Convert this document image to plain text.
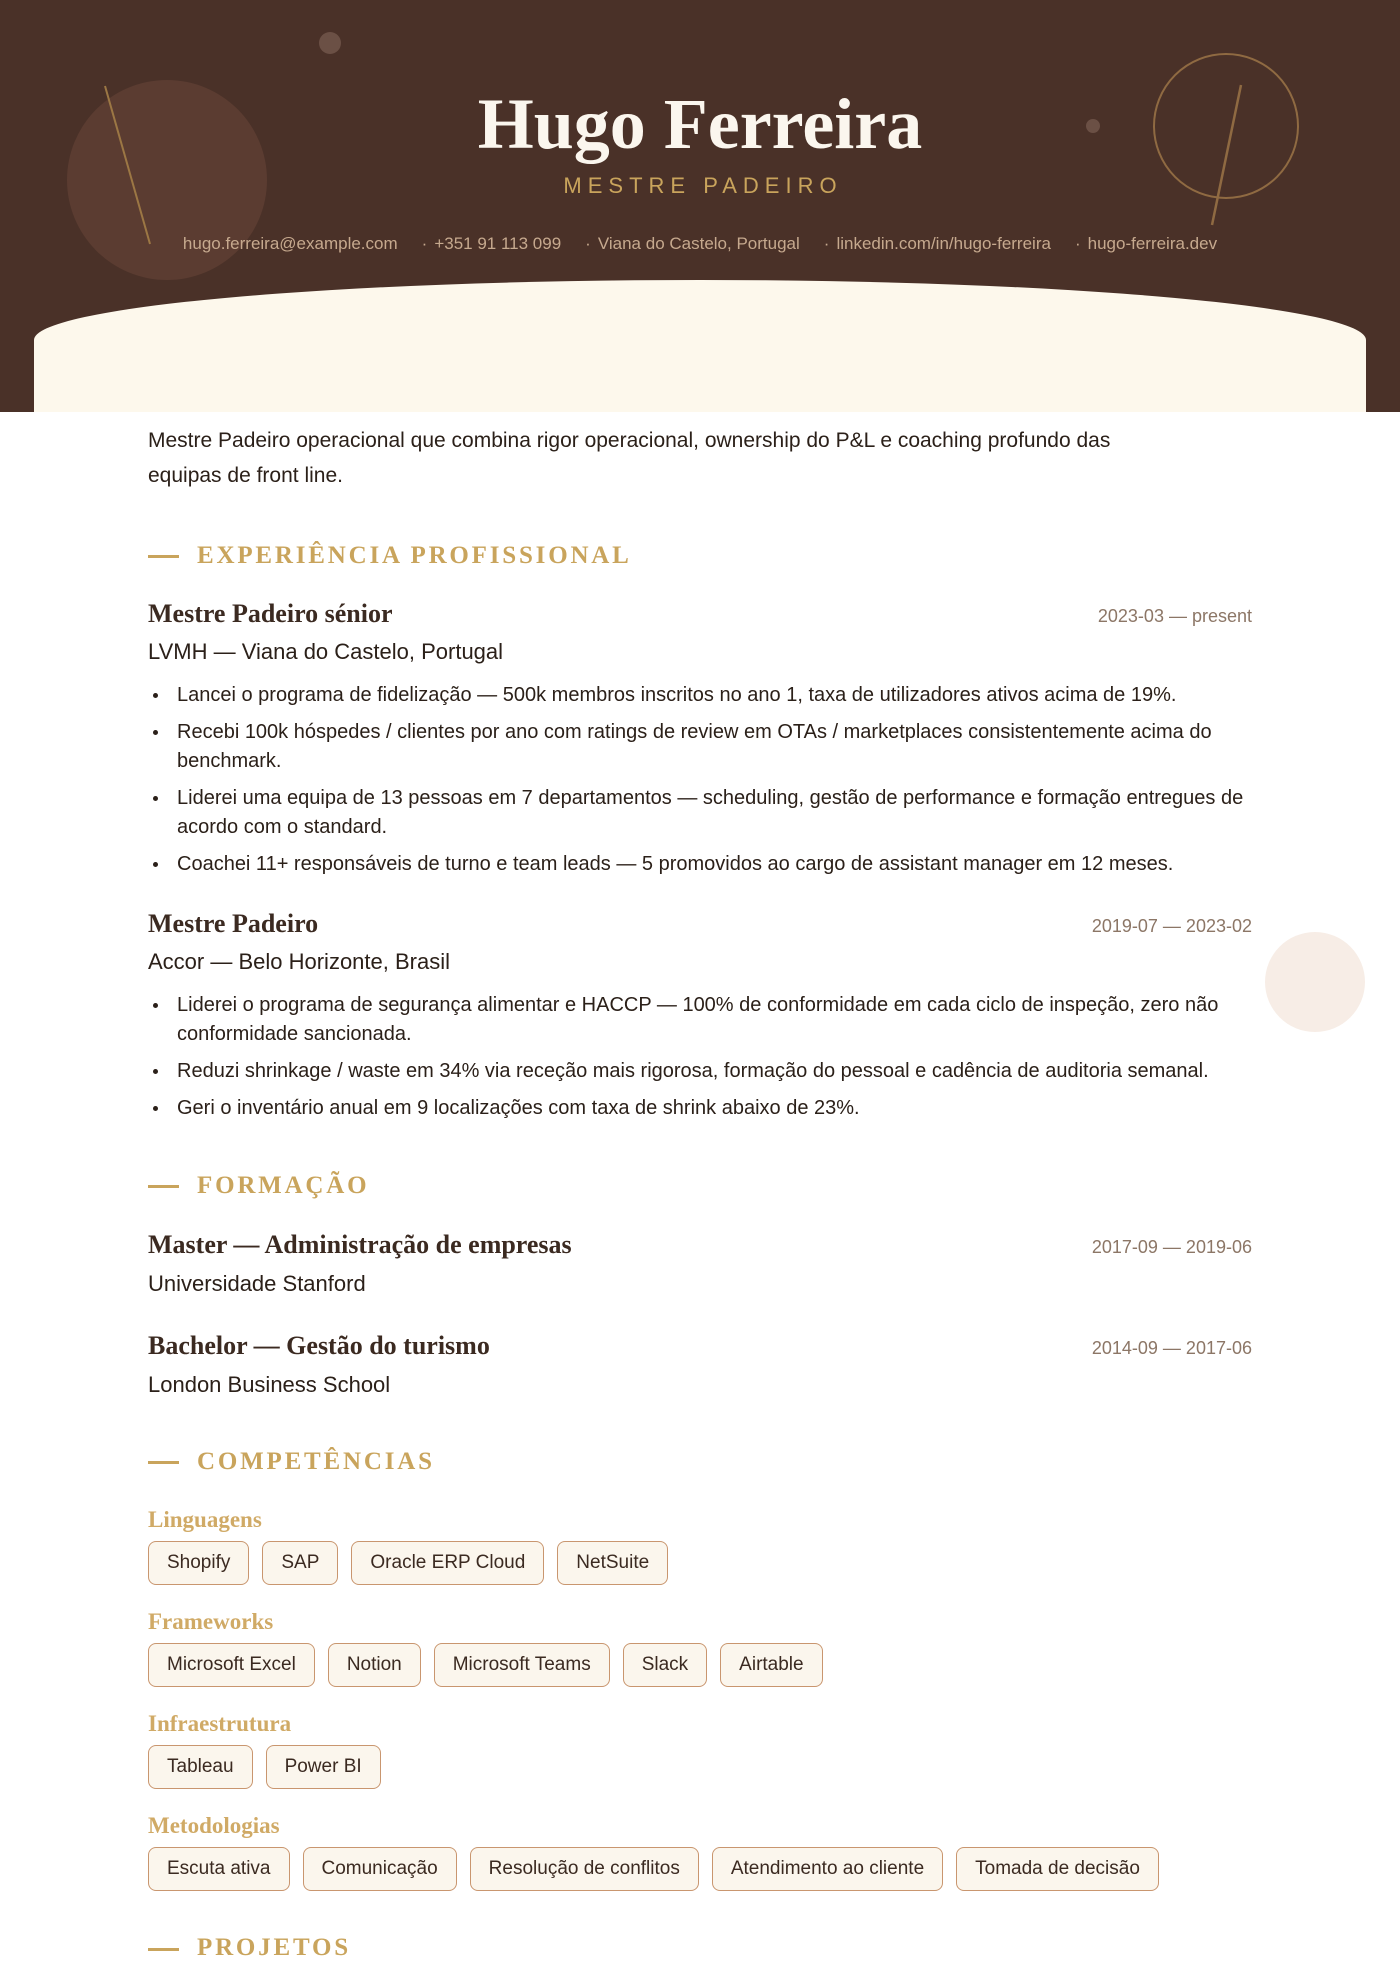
Hugo Ferreira
MESTRE PADEIRO
hugo.ferreira@example.com · +351 91 113 099 · Viana do Castelo, Portugal · linkedin.com/in/hugo-ferreira · hugo-ferreira.dev

Mestre Padeiro operacional que combina rigor operacional, ownership do P&L e coaching profundo das equipas de front line.

EXPERIÊNCIA PROFISSIONAL
Mestre Padeiro sénior	2023-03 — present
LVMH — Viana do Castelo, Portugal
Lancei o programa de fidelização — 500k membros inscritos no ano 1, taxa de utilizadores ativos acima de 19%.
Recebi 100k hóspedes / clientes por ano com ratings de review em OTAs / marketplaces consistentemente acima do benchmark.
Liderei uma equipa de 13 pessoas em 7 departamentos — scheduling, gestão de performance e formação entregues de acordo com o standard.
Coachei 11+ responsáveis de turno e team leads — 5 promovidos ao cargo de assistant manager em 12 meses.
Mestre Padeiro	2019-07 — 2023-02
Accor — Belo Horizonte, Brasil
Liderei o programa de segurança alimentar e HACCP — 100% de conformidade em cada ciclo de inspeção, zero não conformidade sancionada.
Reduzi shrinkage / waste em 34% via receção mais rigorosa, formação do pessoal e cadência de auditoria semanal.
Geri o inventário anual em 9 localizações com taxa de shrink abaixo de 23%.
FORMAÇÃO
Master — Administração de empresas	2017-09 — 2019-06
Universidade Stanford
Bachelor — Gestão do turismo	2014-09 — 2017-06
London Business School
COMPETÊNCIAS
Linguagens
Shopify	SAP	Oracle ERP Cloud	NetSuite
Frameworks
Microsoft Excel	Notion	Microsoft Teams	Slack	Airtable
Infraestrutura
Tableau	Power BI
Metodologias
Escuta ativa	Comunicação	Resolução de conflitos	Atendimento ao cliente	Tomada de decisão
PROJETOS
